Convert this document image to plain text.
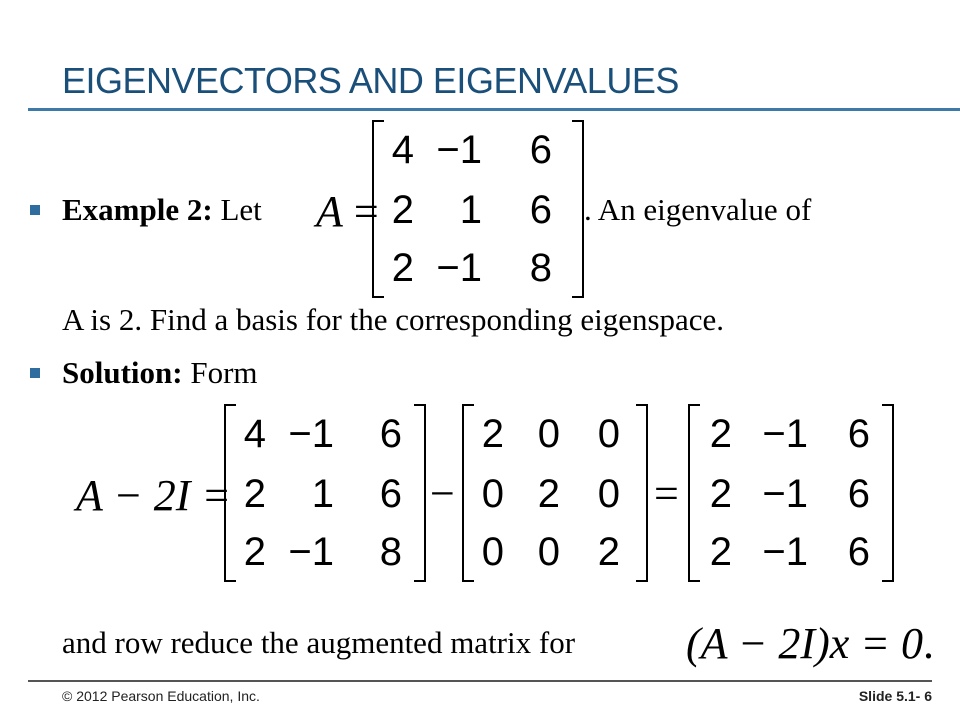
EIGENVECTORS AND EIGENVALUES
Example 2: Let A =
4 −1	6
2	1	6
2 −1	8
. An eigenvalue of
A is 2. Find a basis for the corresponding eigenspace.
Solution: Form
A − 2I =
4 −1	6
2	1	6
2 −1	8
−
2 0 0
0 2 0
0 0 2
=
2 −1 6
2 −1 6
2 −1 6
and row reduce the augmented matrix for	(A − 2I)x = 0.
© 2012 Pearson Education, Inc.	Slide 5.1- 6
